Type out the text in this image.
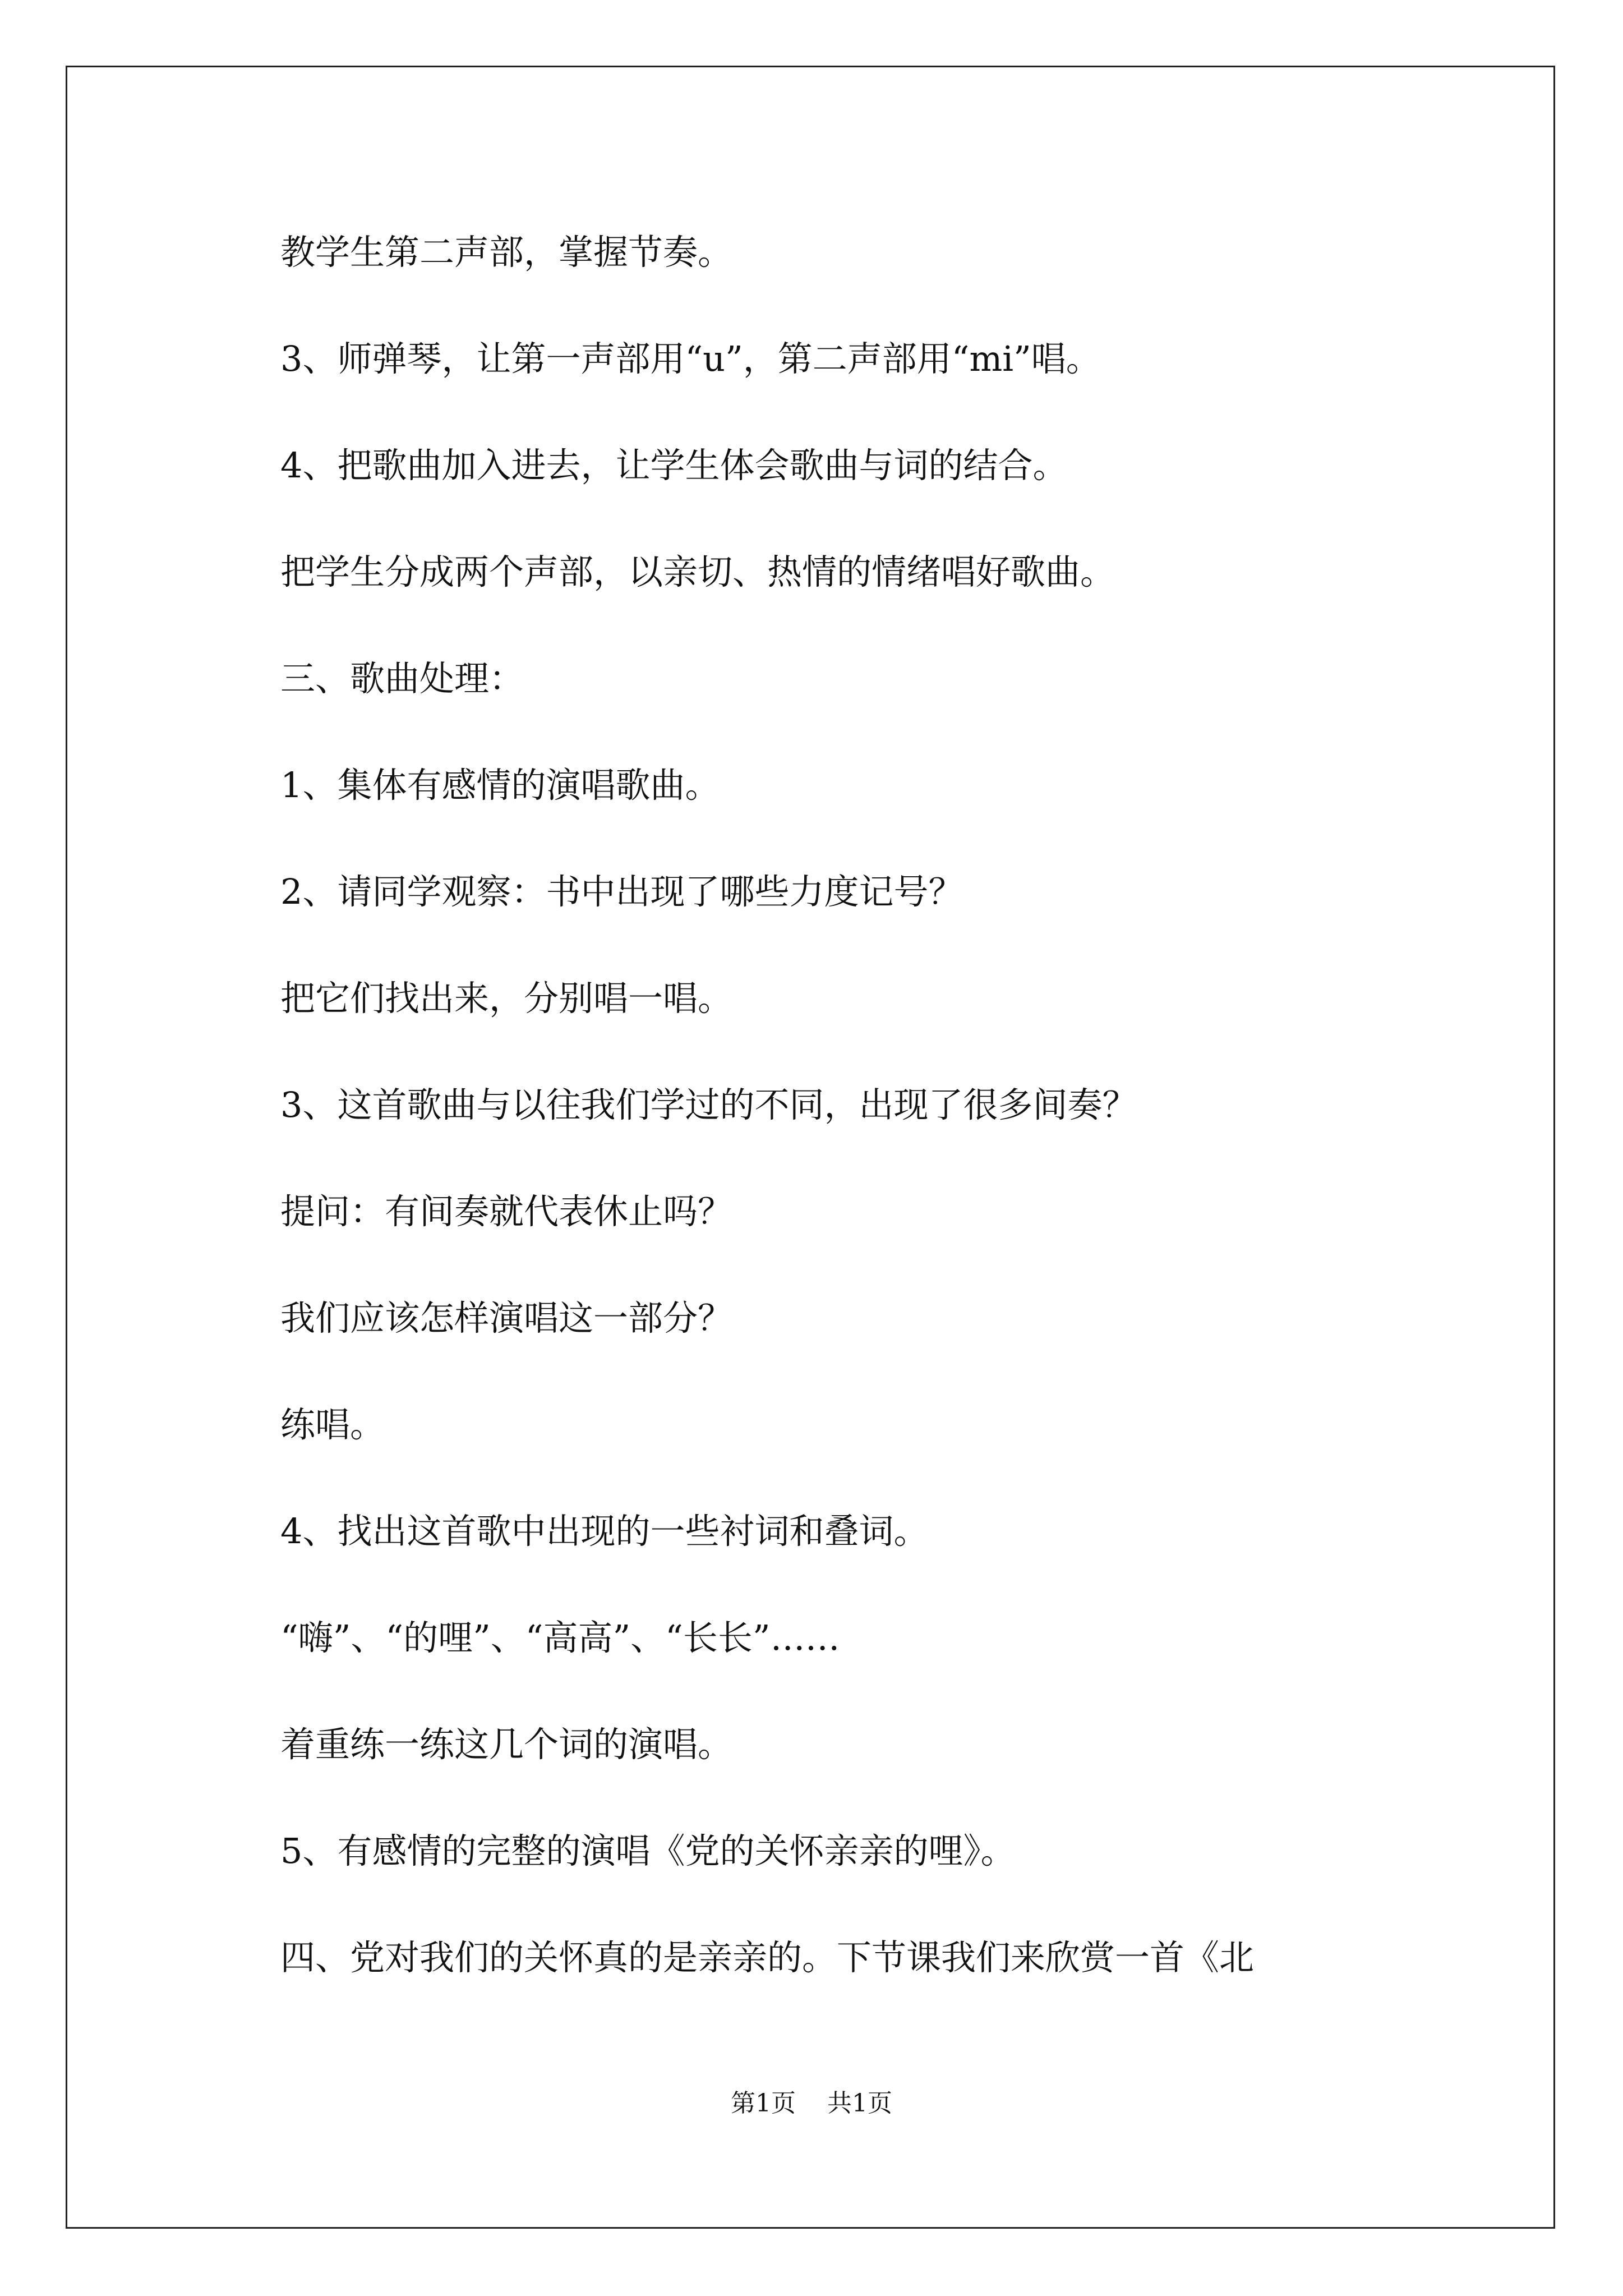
教学生第二声部，掌握节奏。
3、师弹琴，让第一声部用“u”，第二声部用“mi”唱。
4、把歌曲加入进去，让学生体会歌曲与词的结合。
把学生分成两个声部，以亲切、热情的情绪唱好歌曲。
三、歌曲处理：
1、集体有感情的演唱歌曲。
2、请同学观察：书中出现了哪些力度记号？
把它们找出来，分别唱一唱。
3、这首歌曲与以往我们学过的不同，出现了很多间奏？
提问：有间奏就代表休止吗？
我们应该怎样演唱这一部分？
练唱。
4、找出这首歌中出现的一些衬词和叠词。
“嗨”、“的哩”、“高高”、“长长”……
着重练一练这几个词的演唱。
5、有感情的完整的演唱《党的关怀亲亲的哩》。
四、党对我们的关怀真的是亲亲的。下节课我们来欣赏一首《北
第1页 共1页
